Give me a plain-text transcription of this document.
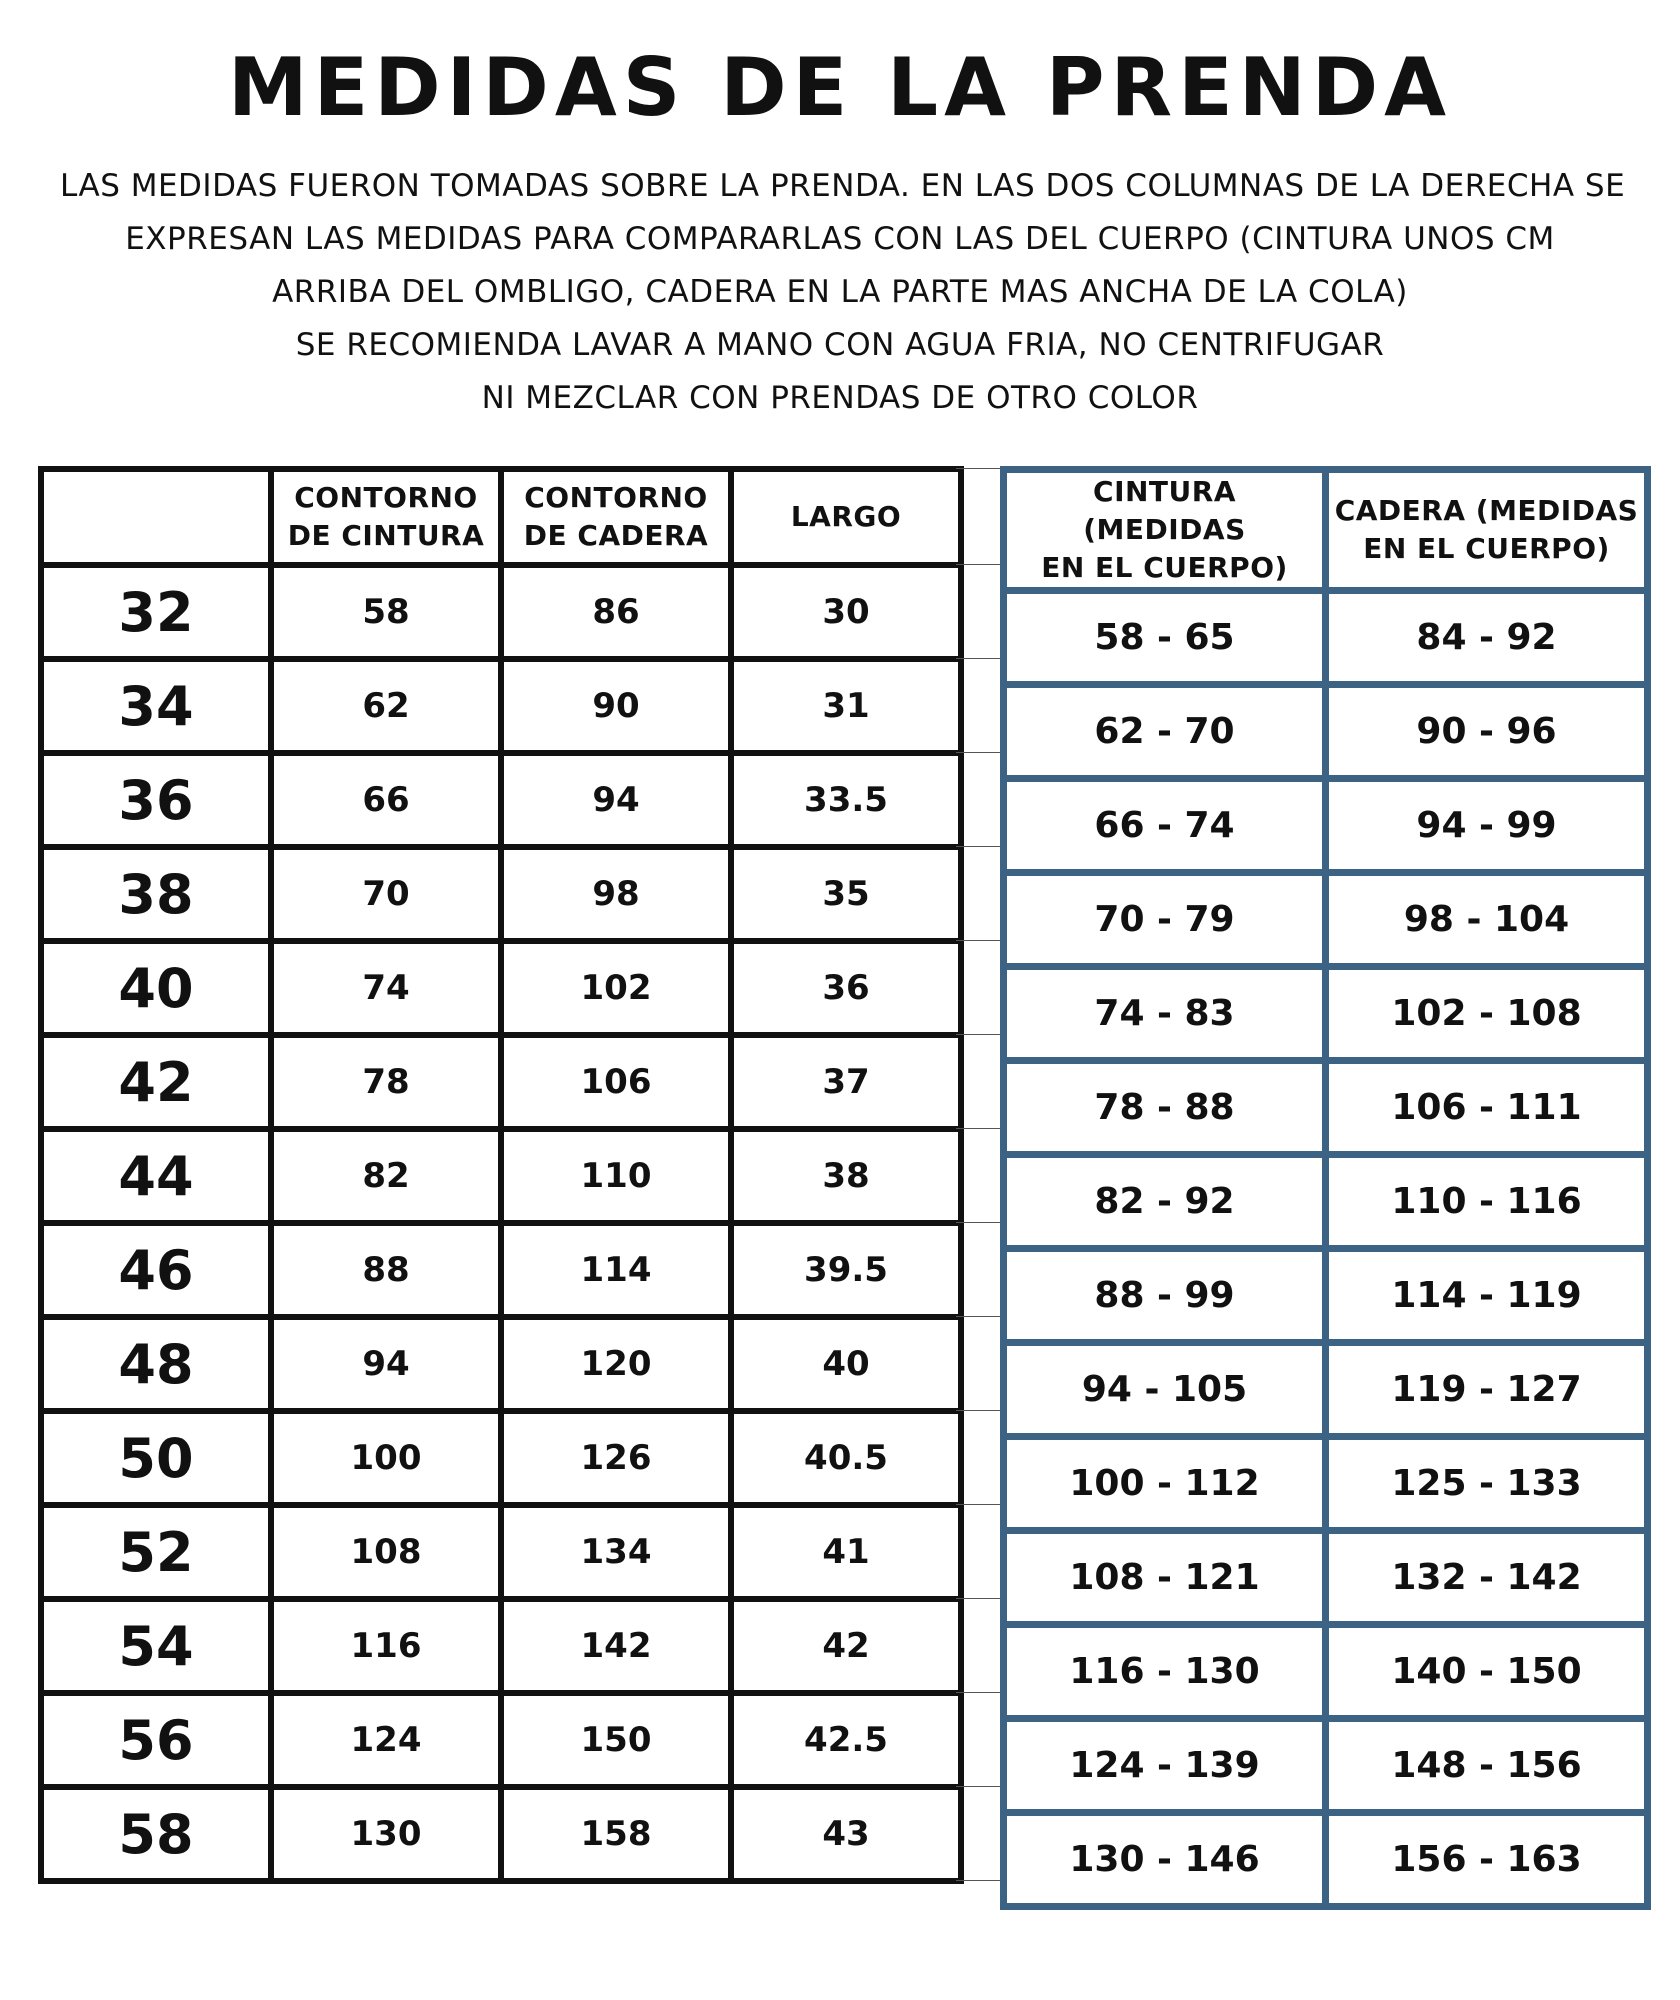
MEDIDAS DE LA PRENDA
LAS MEDIDAS FUERON TOMADAS SOBRE LA PRENDA. EN LAS DOS COLUMNAS DE LA DERECHA SE
EXPRESAN LAS MEDIDAS PARA COMPARARLAS CON LAS DEL CUERPO (CINTURA UNOS CM
ARRIBA DEL OMBLIGO, CADERA EN LA PARTE MAS ANCHA DE LA COLA)
SE RECOMIENDA LAVAR A MANO CON AGUA FRIA, NO CENTRIFUGAR
NI MEZCLAR CON PRENDAS DE OTRO COLOR
	CONTORNO
DE CINTURA	CONTORNO
DE CADERA	LARGO
32	58	86	30
34	62	90	31
36	66	94	33.5
38	70	98	35
40	74	102	36
42	78	106	37
44	82	110	38
46	88	114	39.5
48	94	120	40
50	100	126	40.5
52	108	134	41
54	116	142	42
56	124	150	42.5
58	130	158	43
CINTURA (MEDIDAS
EN EL CUERPO)	CADERA (MEDIDAS
EN EL CUERPO)
58 - 65	84 - 92
62 - 70	90 - 96
66 - 74	94 - 99
70 - 79	98 - 104
74 - 83	102 - 108
78 - 88	106 - 111
82 - 92	110 - 116
88 - 99	114 - 119
94 - 105	119 - 127
100 - 112	125 - 133
108 - 121	132 - 142
116 - 130	140 - 150
124 - 139	148 - 156
130 - 146	156 - 163
